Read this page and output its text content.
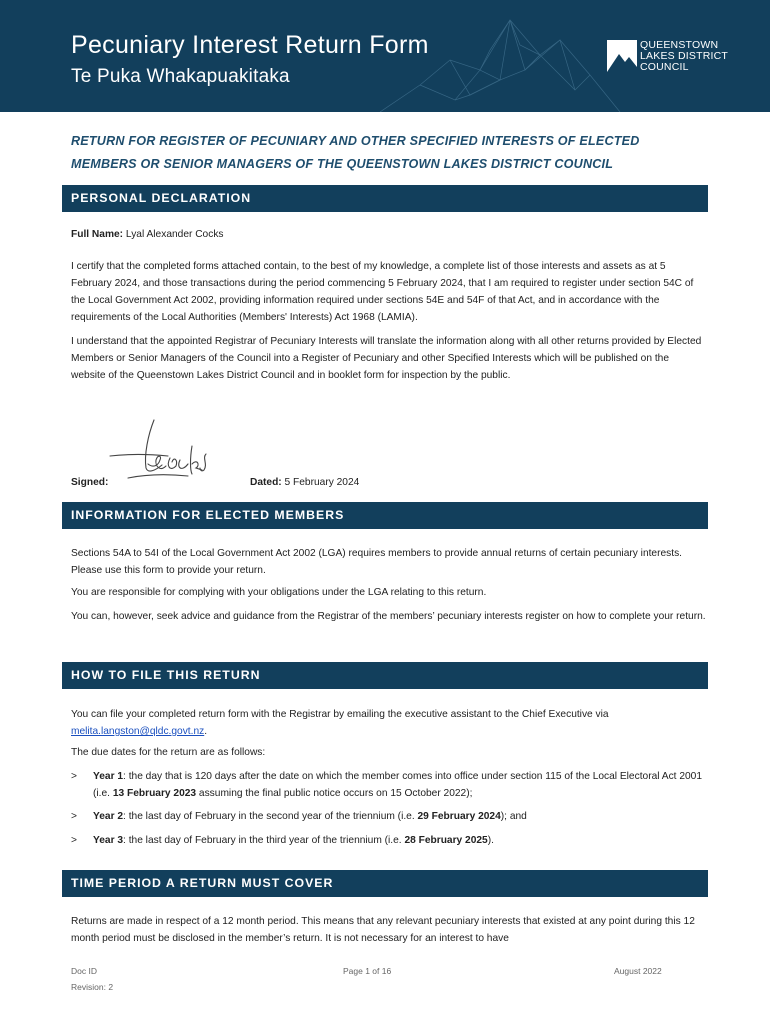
Pecuniary Interest Return Form
Te Puka Whakapuakitaka
QUEENSTOWN
LAKES DISTRICT
COUNCIL
RETURN FOR REGISTER OF PECUNIARY AND OTHER SPECIFIED INTERESTS OF ELECTED
MEMBERS OR SENIOR MANAGERS OF THE QUEENSTOWN LAKES DISTRICT COUNCIL
PERSONAL DECLARATION
Full Name: Lyal Alexander Cocks
I certify that the completed forms attached contain, to the best of my knowledge, a complete list of those interests and assets as at 5 February 2024, and those transactions during the period commencing 5 February 2024, that I am required to register under section 54C of the Local Government Act 2002, providing information required under sections 54E and 54F of that Act, and in accordance with the requirements of the Local Authorities (Members' Interests) Act 1968 (LAMIA).
I understand that the appointed Registrar of Pecuniary Interests will translate the information along with all other returns provided by Elected Members or Senior Managers of the Council into a Register of Pecuniary and other Specified Interests which will be published on the website of the Queenstown Lakes District Council and in booklet form for inspection by the public.
Signed:	Dated: 5 February 2024
INFORMATION FOR ELECTED MEMBERS
Sections 54A to 54I of the Local Government Act 2002 (LGA) requires members to provide annual returns of certain pecuniary interests. Please use this form to provide your return.
You are responsible for complying with your obligations under the LGA relating to this return.
You can, however, seek advice and guidance from the Registrar of the members’ pecuniary interests register on how to complete your return.
HOW TO FILE THIS RETURN
You can file your completed return form with the Registrar by emailing the executive assistant to the Chief Executive via melita.langston@qldc.govt.nz.
The due dates for the return are as follows:
> Year 1: the day that is 120 days after the date on which the member comes into office under section 115 of the Local Electoral Act 2001 (i.e. 13 February 2023 assuming the final public notice occurs on 15 October 2022);
> Year 2: the last day of February in the second year of the triennium (i.e. 29 February 2024); and
> Year 3: the last day of February in the third year of the triennium (i.e. 28 February 2025).
TIME PERIOD A RETURN MUST COVER
Returns are made in respect of a 12 month period. This means that any relevant pecuniary interests that existed at any point during this 12 month period must be disclosed in the member’s return. It is not necessary for an interest to have
Doc ID
Revision: 2
Page 1 of 16	August 2022
